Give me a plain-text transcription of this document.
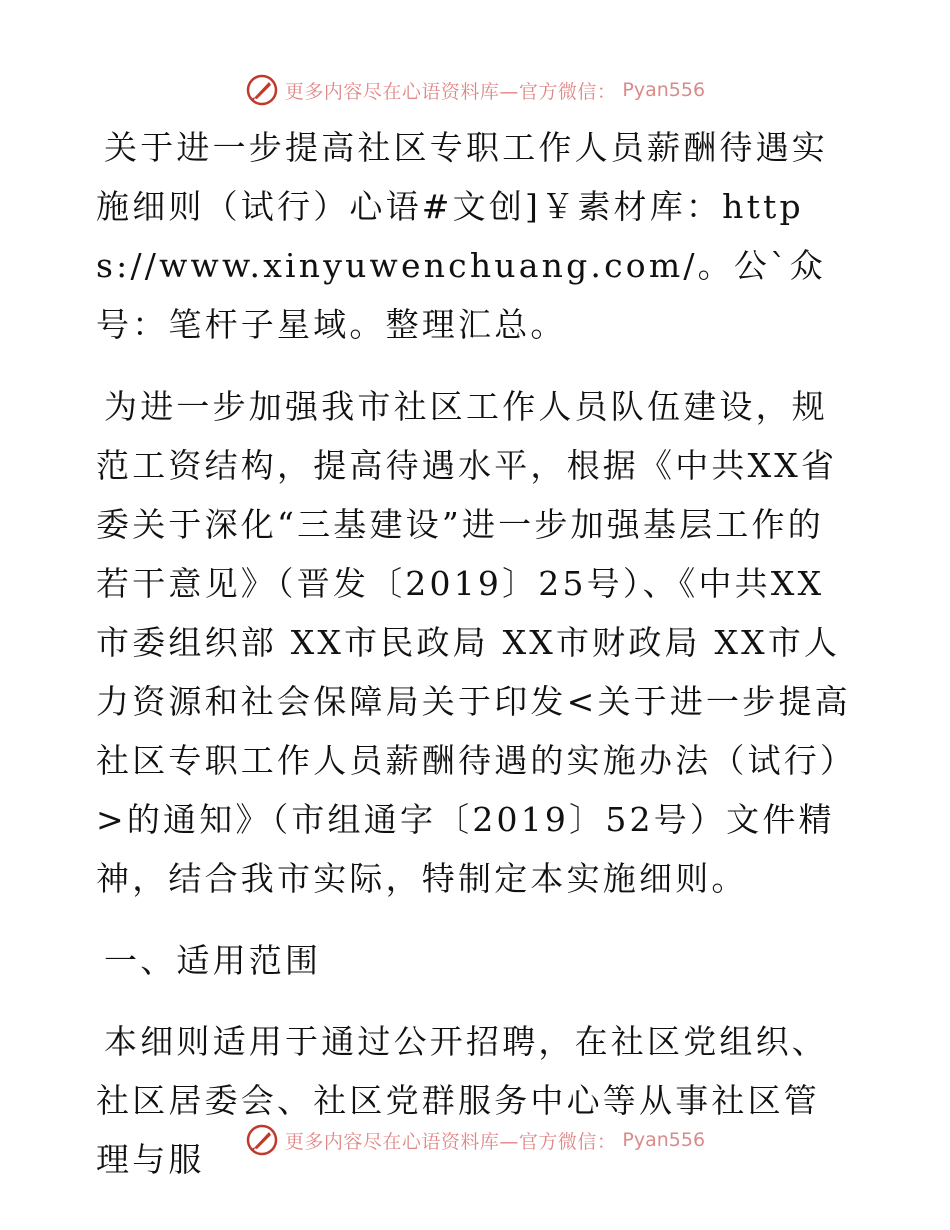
更多内容尽在心语资料库—官方微信： Pyan556

关于进一步提高社区专职工作人员薪酬待遇实施细则（试行）心语#文创]￥素材库：https://www.xinyuwenchuang.com/。公`众号：笔杆子星域。整理汇总。

为进一步加强我市社区工作人员队伍建设，规范工资结构，提高待遇水平，根据《中共XX省委关于深化“三基建设”进一步加强基层工作的若干意见》（晋发〔2019〕25号）、《中共XX市委组织部 XX市民政局 XX市财政局 XX市人力资源和社会保障局关于印发<关于进一步提高社区专职工作人员薪酬待遇的实施办法（试行）>的通知》（市组通字〔2019〕52号）文件精神，结合我市实际，特制定本实施细则。

一、适用范围

本细则适用于通过公开招聘，在社区党组织、社区居委会、社区党群服务中心等从事社区管理与服	更多内容尽在心语资料库—官方微信： Pyan556
